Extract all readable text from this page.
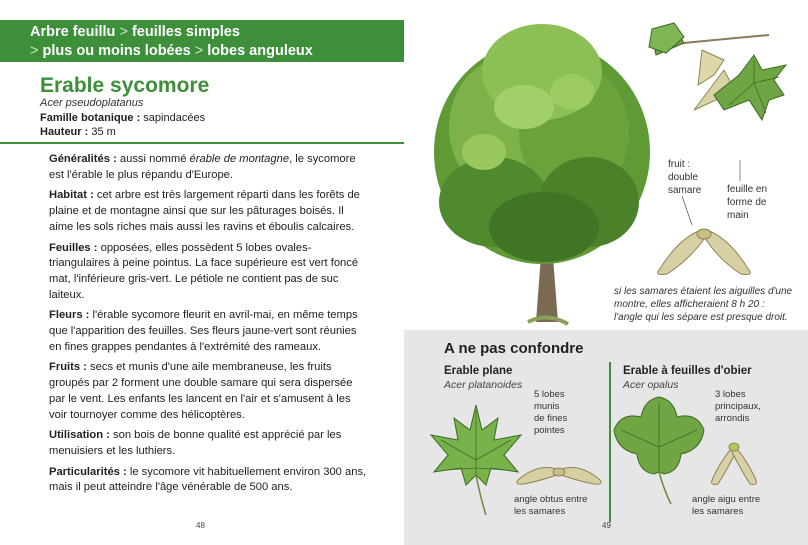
Arbre feuillu > feuilles simples
> plus ou moins lobées > lobes anguleux
Erable sycomore
Acer pseudoplatanus
Famille botanique : sapindacées
Hauteur : 35 m

Généralités : aussi nommé érable de montagne, le sycomore est l'érable le plus répandu d'Europe.

Habitat : cet arbre est très largement réparti dans les forêts de plaine et de montagne ainsi que sur les pâturages boisés. Il aime les sols riches mais aussi les ravins et éboulis calcaires.

Feuilles : opposées, elles possèdent 5 lobes ovales-triangulaires à peine pointus. La face supérieure est vert foncé mat, l'inférieure gris-vert. Le pétiole ne contient pas de suc laiteux.

Fleurs : l'érable sycomore fleurit en avril-mai, en même temps que l'apparition des feuilles. Ses fleurs jaune-vert sont réunies en fines grappes pendantes à l'extrémité des rameaux.

Fruits : secs et munis d'une aile membraneuse, les fruits groupés par 2 forment une double samare qui sera dispersée par le vent. Les enfants les lancent en l'air et s'amusent à les voir tournoyer comme des hélicoptères.

Utilisation : son bois de bonne qualité est apprécié par les menuisiers et les luthiers.

Particularités : le sycomore vit habituellement environ 300 ans, mais il peut atteindre l'âge vénérable de 500 ans.

48
fruit :
double
samare	feuille en
forme de
main
si les samares étaient les aiguilles d'une
montre, elles afficheraient 8 h 20 :
l'angle qui les sépare est presque droit.
A ne pas confondre
Erable plane
Acer platanoides
5 lobes
munis
de fines
pointes
angle obtus entre
les samares
Erable à feuilles d'obier
Acer opalus
3 lobes
principaux,
arrondis
angle aigu entre
les samares
49
